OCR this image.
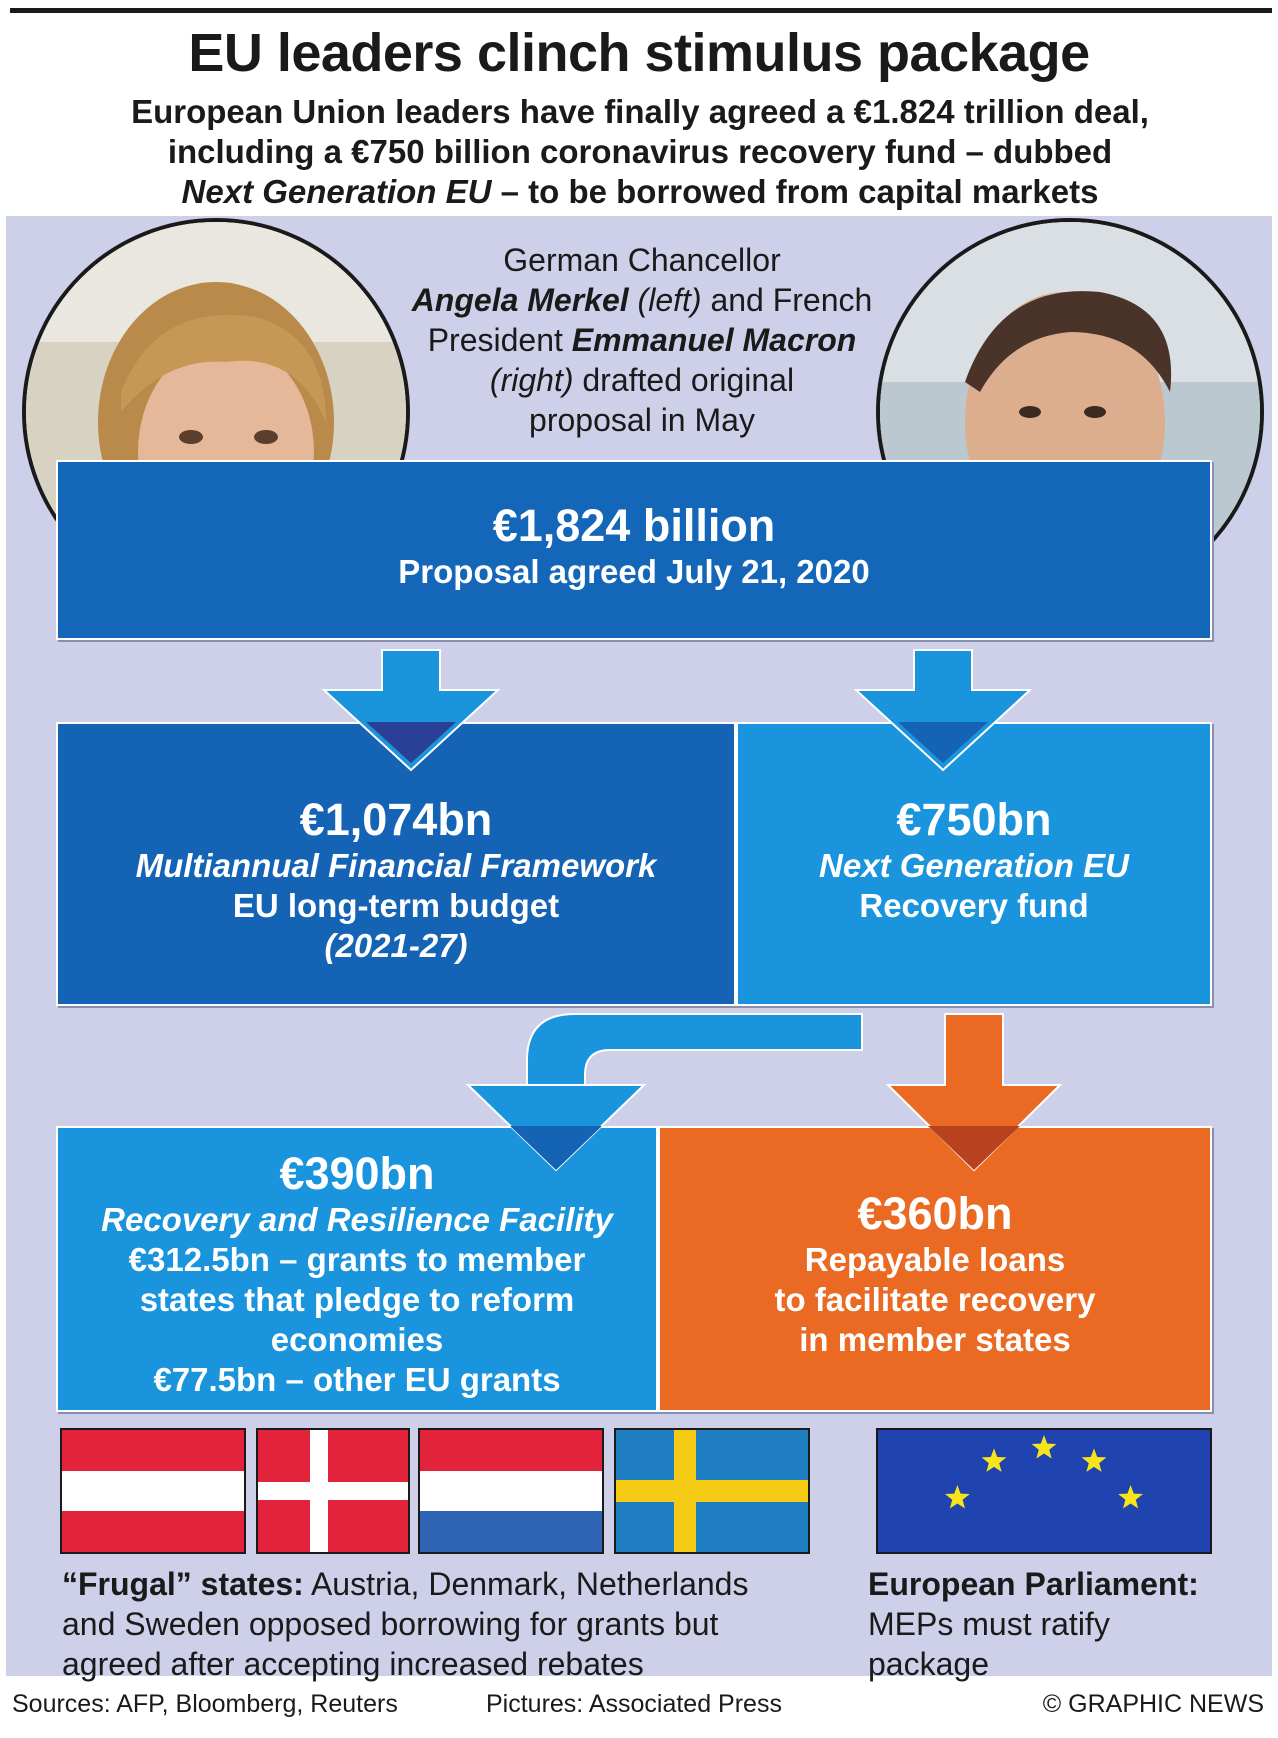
EU leaders clinch stimulus package
European Union leaders have finally agreed a €1.824 trillion deal,
including a €750 billion coronavirus recovery fund – dubbed
Next Generation EU – to be borrowed from capital markets
German Chancellor
Angela Merkel (left) and French
President Emmanuel Macron
(right) drafted original
proposal in May
€1,824 billion
Proposal agreed July 21, 2020
€1,074bn
Multiannual Financial Framework
EU long-term budget
(2021-27)
€750bn
Next Generation EU
Recovery fund
€390bn
Recovery and Resilience Facility
€312.5bn – grants to member
states that pledge to reform
economies
€77.5bn – other EU grants
€360bn
Repayable loans
to facilitate recovery
in member states
“Frugal” states: Austria, Denmark, Netherlands
and Sweden opposed borrowing for grants but
agreed after accepting increased rebates
European Parliament:
MEPs must ratify
package
Sources: AFP, Bloomberg, Reuters	Pictures: Associated Press	© GRAPHIC NEWS
